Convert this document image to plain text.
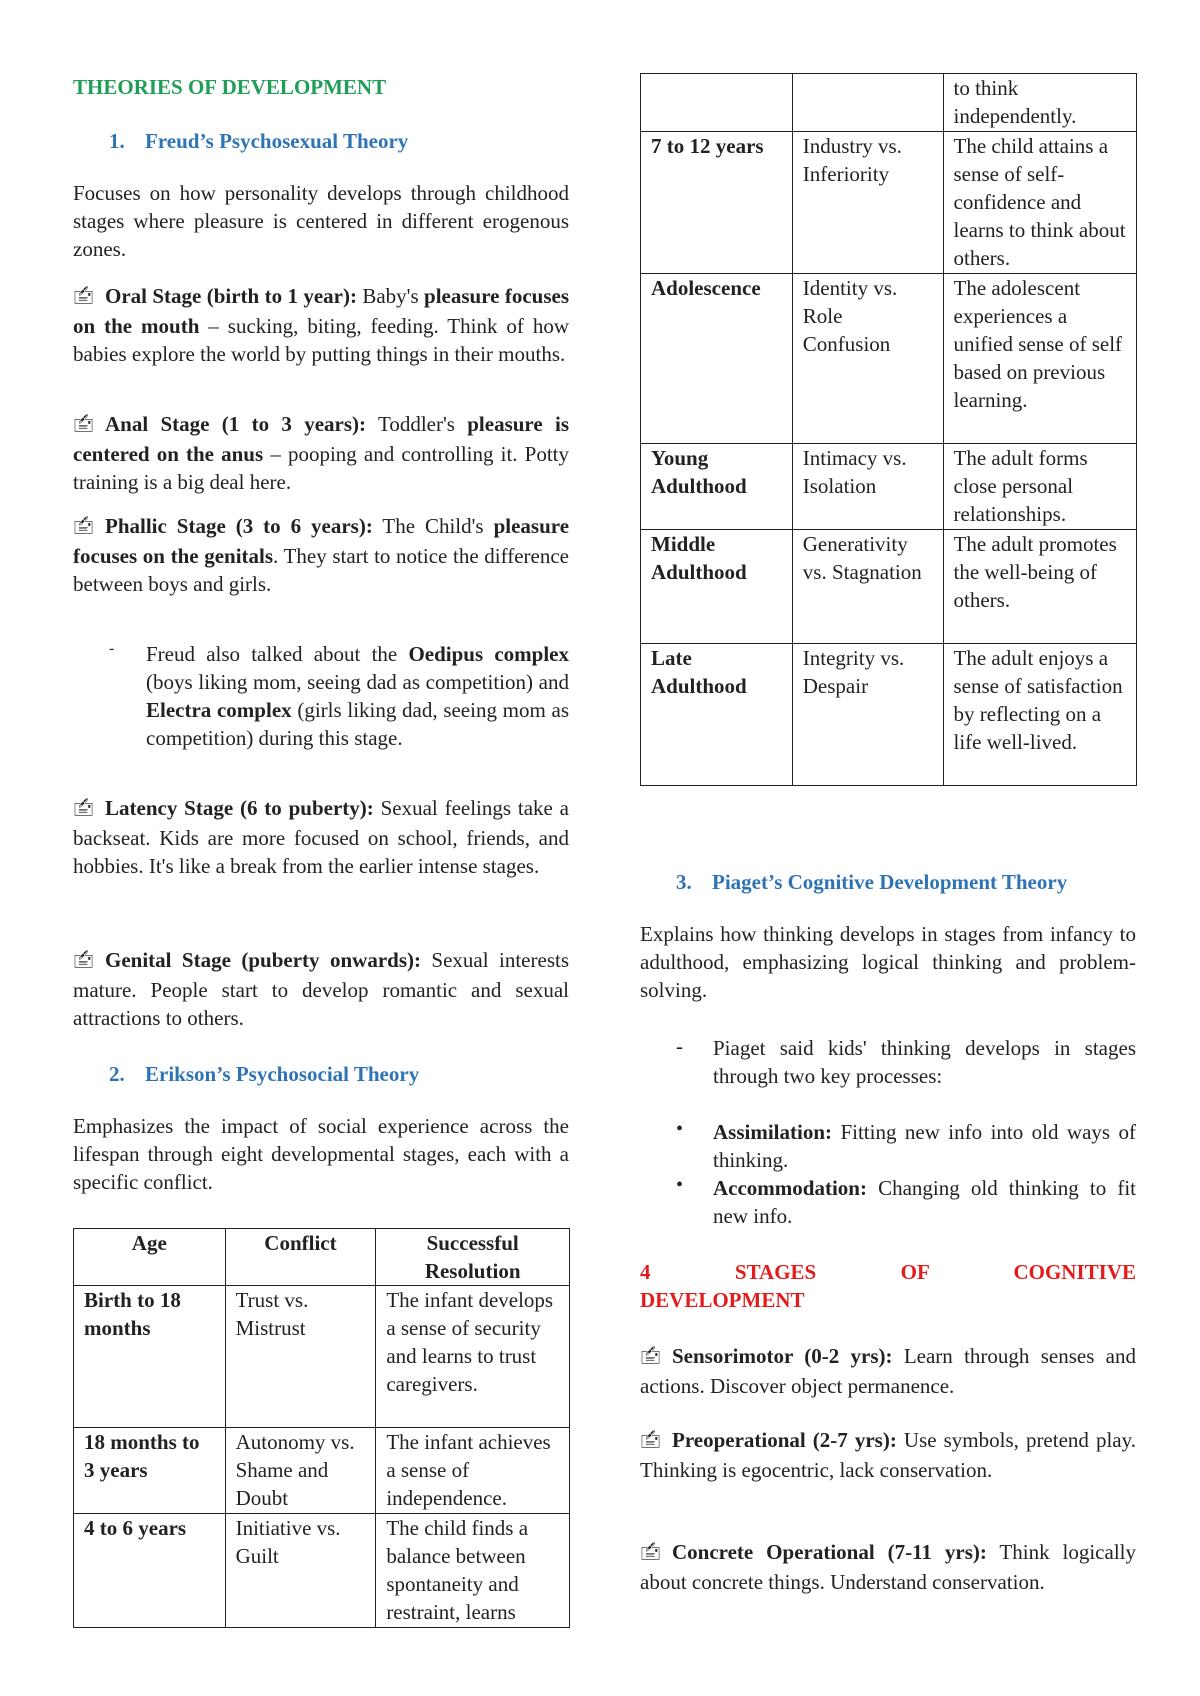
THEORIES OF DEVELOPMENT
1. Freud’s Psychosexual Theory

Focuses on how personality develops through childhood stages where pleasure is centered in different erogenous zones.

🖆 Oral Stage (birth to 1 year): Baby's pleasure focuses on the mouth – sucking, biting, feeding. Think of how babies explore the world by putting things in their mouths.

🖆 Anal Stage (1 to 3 years): Toddler's pleasure is centered on the anus – pooping and controlling it. Potty training is a big deal here.

🖆 Phallic Stage (3 to 6 years): The Child's pleasure focuses on the genitals. They start to notice the difference between boys and girls.

- Freud also talked about the Oedipus complex (boys liking mom, seeing dad as competition) and Electra complex (girls liking dad, seeing mom as competition) during this stage.

🖆 Latency Stage (6 to puberty): Sexual feelings take a backseat. Kids are more focused on school, friends, and hobbies. It's like a break from the earlier intense stages.

🖆 Genital Stage (puberty onwards): Sexual interests mature. People start to develop romantic and sexual attractions to others.

2. Erikson’s Psychosocial Theory

Emphasizes the impact of social experience across the lifespan through eight developmental stages, each with a specific conflict.

Age	Conflict	Successful Resolution
Birth to 18 months	Trust vs. Mistrust	The infant develops a sense of security and learns to trust caregivers.
18 months to 3 years	Autonomy vs. Shame and Doubt	The infant achieves a sense of independence.
4 to 6 years	Initiative vs. Guilt	The child finds a balance between spontaneity and restraint, learns
		to think independently.
7 to 12 years	Industry vs. Inferiority	The child attains a sense of self-confidence and learns to think about others.
Adolescence	Identity vs. Role Confusion	The adolescent experiences a unified sense of self based on previous learning.
Young Adulthood	Intimacy vs. Isolation	The adult forms close personal relationships.
Middle Adulthood	Generativity vs. Stagnation	The adult promotes the well-being of others.
Late Adulthood	Integrity vs. Despair	The adult enjoys a sense of satisfaction by reflecting on a life well-lived.
3. Piaget’s Cognitive Development Theory

Explains how thinking develops in stages from infancy to adulthood, emphasizing logical thinking and problem-solving.

- Piaget said kids' thinking develops in stages through two key processes:

• Assimilation: Fitting new info into old ways of thinking.

• Accommodation: Changing old thinking to fit new info.

4 STAGES OF COGNITIVE
DEVELOPMENT

🖆 Sensorimotor (0-2 yrs): Learn through senses and actions. Discover object permanence.

🖆 Preoperational (2-7 yrs): Use symbols, pretend play. Thinking is egocentric, lack conservation.

🖆 Concrete Operational (7-11 yrs): Think logically about concrete things. Understand conservation.
